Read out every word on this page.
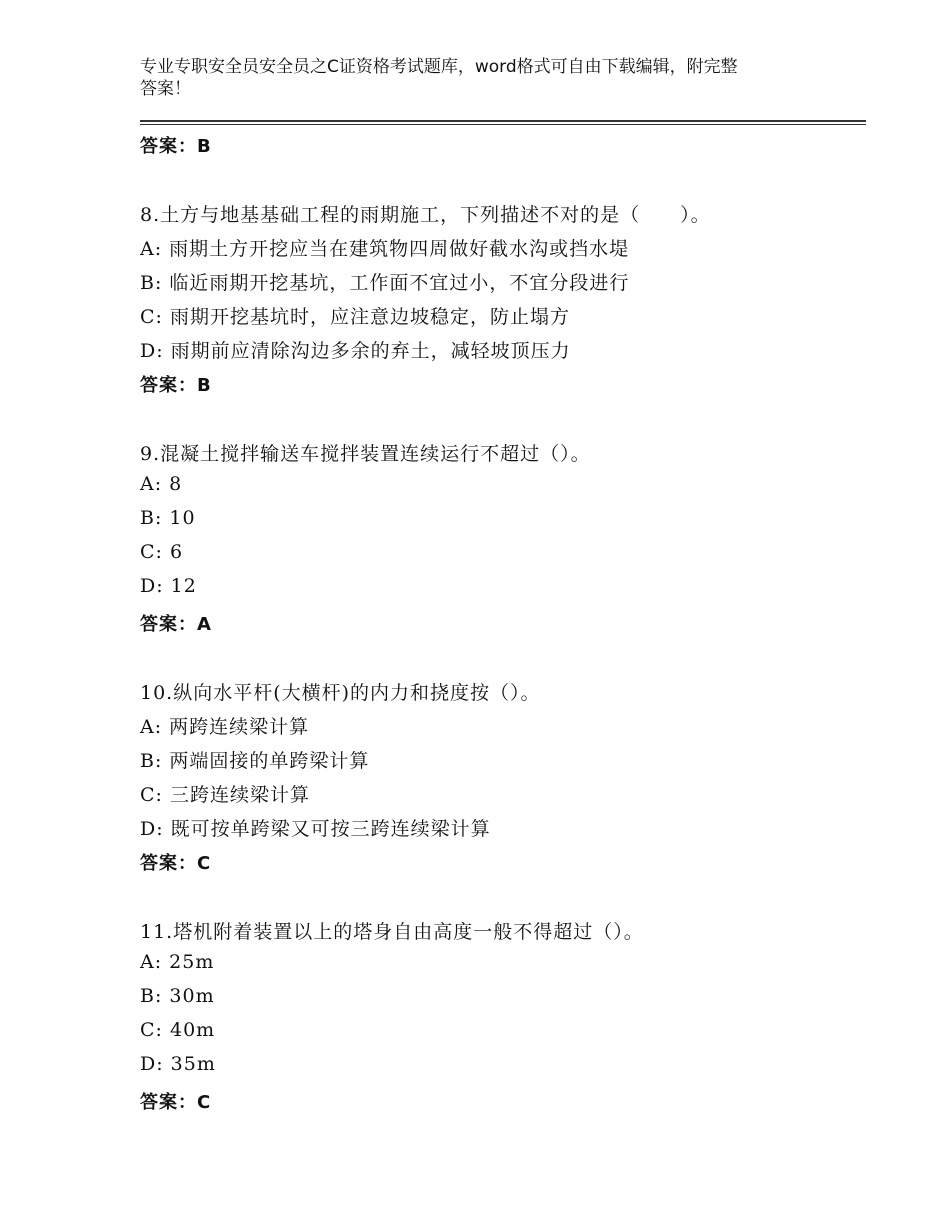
专业专职安全员安全员之C证资格考试题库，word格式可自由下载编辑，附完整
答案！
答案：B
8.土方与地基基础工程的雨期施工，下列描述不对的是（　　）。
A: 雨期土方开挖应当在建筑物四周做好截水沟或挡水堤
B: 临近雨期开挖基坑，工作面不宜过小，不宜分段进行
C: 雨期开挖基坑时，应注意边坡稳定，防止塌方
D: 雨期前应清除沟边多余的弃土，减轻坡顶压力
答案：B
9.混凝土搅拌输送车搅拌装置连续运行不超过（）。
A: 8
B: 10
C: 6
D: 12
答案：A
10.纵向水平杆(大横杆)的内力和挠度按（）。
A: 两跨连续梁计算
B: 两端固接的单跨梁计算
C: 三跨连续梁计算
D: 既可按单跨梁又可按三跨连续梁计算
答案：C
11.塔机附着装置以上的塔身自由高度一般不得超过（）。
A: 25m
B: 30m
C: 40m
D: 35m
答案：C
